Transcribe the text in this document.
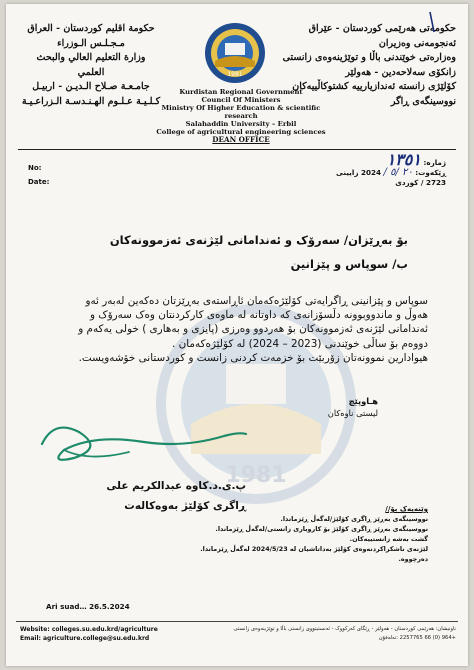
1981
حكومة اقليم كوردستان - العراق
مـجـلـس الـوزراء
وزارة التعليم العالي والبحث
العلمي
جامـعـة صـلاح الـديـن - اربيـل
كـلـيـة عـلـوم الهـنـدسـة الـزراعـيـة
1981
حكومەتی هەرێمی کوردستان - عێراق
ئەنجومەنی وەزیران
وەزارەتی خوێندنی باڵا و توێژینەوەی زانستی
زانکۆی سەلاحەدین - هەولێر
کۆلێژی زانستە ئەندازیارییە کشتوکاڵییەکان
نووسینگەی ڕاگر
Kurdistan Regional Government
Council Of Ministers
Ministry Of Higher Education & scientific research
Salahaddin University – Erbil
College of agricultural engineering sciences
DEAN OFFICE
No:
Date:
ژماره: ١٣٥١
ڕێکەوت: ٢٠ /٥ / 2024 زایینی
2723 / کوردی
بۆ بەڕێزان/ سەرۆک و ئەندامانی لێژنەی ئەزموونەکان
ب/ سوپاس و پێزانین
سوپاس و پێزانینی ڕاگرایەتی کۆلێژەکەمان ئاڕاستەی بەڕێزتان دەکەین لەبەر ئەو
هەوڵ و ماندووبوونە دڵسۆزانەی کە داوتانە لە ماوەی کارکردنتان وەک سەرۆک و
ئەندامانی لێژنەی ئەزموونەکان بۆ هەردوو وەرزی (پایزی و بەهاری ) خولی یەکەم و
دووەم بۆ ساڵی خوێندنی (2023 – 2024) لە کۆلێژەکەمان .
هیوادارین نموونەتان زۆربێت بۆ خزمەت کردنی زانست و کوردستانی خۆشەویست.
هـاوپێچ
لیستی ناوەکان
پ.ی.د.کاوە عبدالکریم علی
ڕاگری کۆلێژ بەوەکالەت	وێنەیەک بۆ//
نووسینگەی بەڕێز ڕاگری کۆلێژ/لەگەڵ ڕێزماندا.
نووسینگەی بەڕێز ڕاگری کۆلێژ بۆ کاروباری زانستی/لەگەڵ ڕێزماندا.
گشت بەشە زانستییەکان.
لێژنەی ناشکراکردنەوەی کۆلێژ بەداتاشیان لە 2024/5/23 لەگەڵ ڕێزماندا.
دەرچووە.
Ari suad… 26.5.2024
Website: colleges.su.edu.krd/agriculture
Email: agriculture.college@su.edu.krd
ناونیشان: هەرێمی کوردستان - هەولێر - ڕێگای کەرکووک - ئەنستیتووی زانستی باڵا و توێژینەوەی زانستی
+964 (0) 66 2257765 :تەلەفۆن
